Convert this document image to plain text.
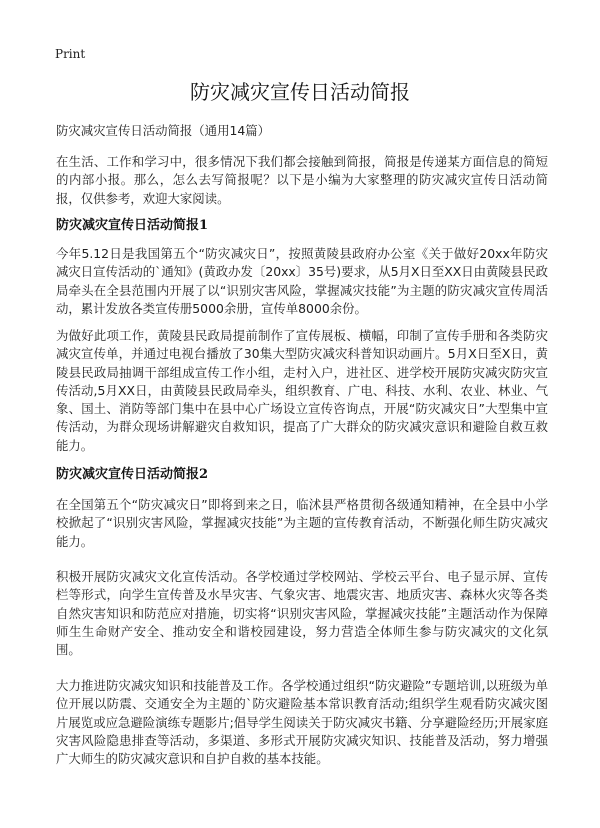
Print
防灾减灾宣传日活动简报

防灾减灾宣传日活动简报（通用14篇）

在生活、工作和学习中，很多情况下我们都会接触到简报，简报是传递某方面信息的简短的内部小报。那么，怎么去写简报呢？以下是小编为大家整理的防灾减灾宣传日活动简报，仅供参考，欢迎大家阅读。

防灾减灾宣传日活动简报1

今年5.12日是我国第五个“防灾减灾日”，按照黄陵县政府办公室《关于做好20xx年防灾减灾日宣传活动的`通知》(黄政办发〔20xx〕35号)要求，从5月X日至XX日由黄陵县民政局牵头在全县范围内开展了以“识别灾害风险，掌握减灾技能”为主题的防灾减灾宣传周活动，累计发放各类宣传册5000余册，宣传单8000余份。

为做好此项工作，黄陵县民政局提前制作了宣传展板、横幅，印制了宣传手册和各类防灾减灾宣传单，并通过电视台播放了30集大型防灾减灾科普知识动画片。5月X日至X日，黄陵县民政局抽调干部组成宣传工作小组，走村入户，进社区、进学校开展防灾减灾防灾宣传活动,5月XX日，由黄陵县民政局牵头，组织教育、广电、科技、水利、农业、林业、气象、国土、消防等部门集中在县中心广场设立宣传咨询点，开展“防灾减灾日”大型集中宣传活动，为群众现场讲解避灾自救知识，提高了广大群众的防灾减灾意识和避险自救互救能力。

防灾减灾宣传日活动简报2

在全国第五个“防灾减灾日”即将到来之日，临沭县严格贯彻各级通知精神，在全县中小学校掀起了“识别灾害风险，掌握减灾技能”为主题的宣传教育活动，不断强化师生防灾减灾能力。

积极开展防灾减灾文化宣传活动。各学校通过学校网站、学校云平台、电子显示屏、宣传栏等形式，向学生宣传普及水旱灾害、气象灾害、地震灾害、地质灾害、森林火灾等各类自然灾害知识和防范应对措施，切实将“识别灾害风险，掌握减灾技能”主题活动作为保障师生生命财产安全、推动安全和谐校园建设，努力营造全体师生参与防灾减灾的文化氛围。

大力推进防灾减灾知识和技能普及工作。各学校通过组织“防灾避险”专题培训,以班级为单位开展以防震、交通安全为主题的`防灾避险基本常识教育活动;组织学生观看防灾减灾图片展览或应急避险演练专题影片;倡导学生阅读关于防灾减灾书籍、分享避险经历;开展家庭灾害风险隐患排查等活动，多渠道、多形式开展防灾减灾知识、技能普及活动，努力增强广大师生的防灾减灾意识和自护自救的基本技能。
